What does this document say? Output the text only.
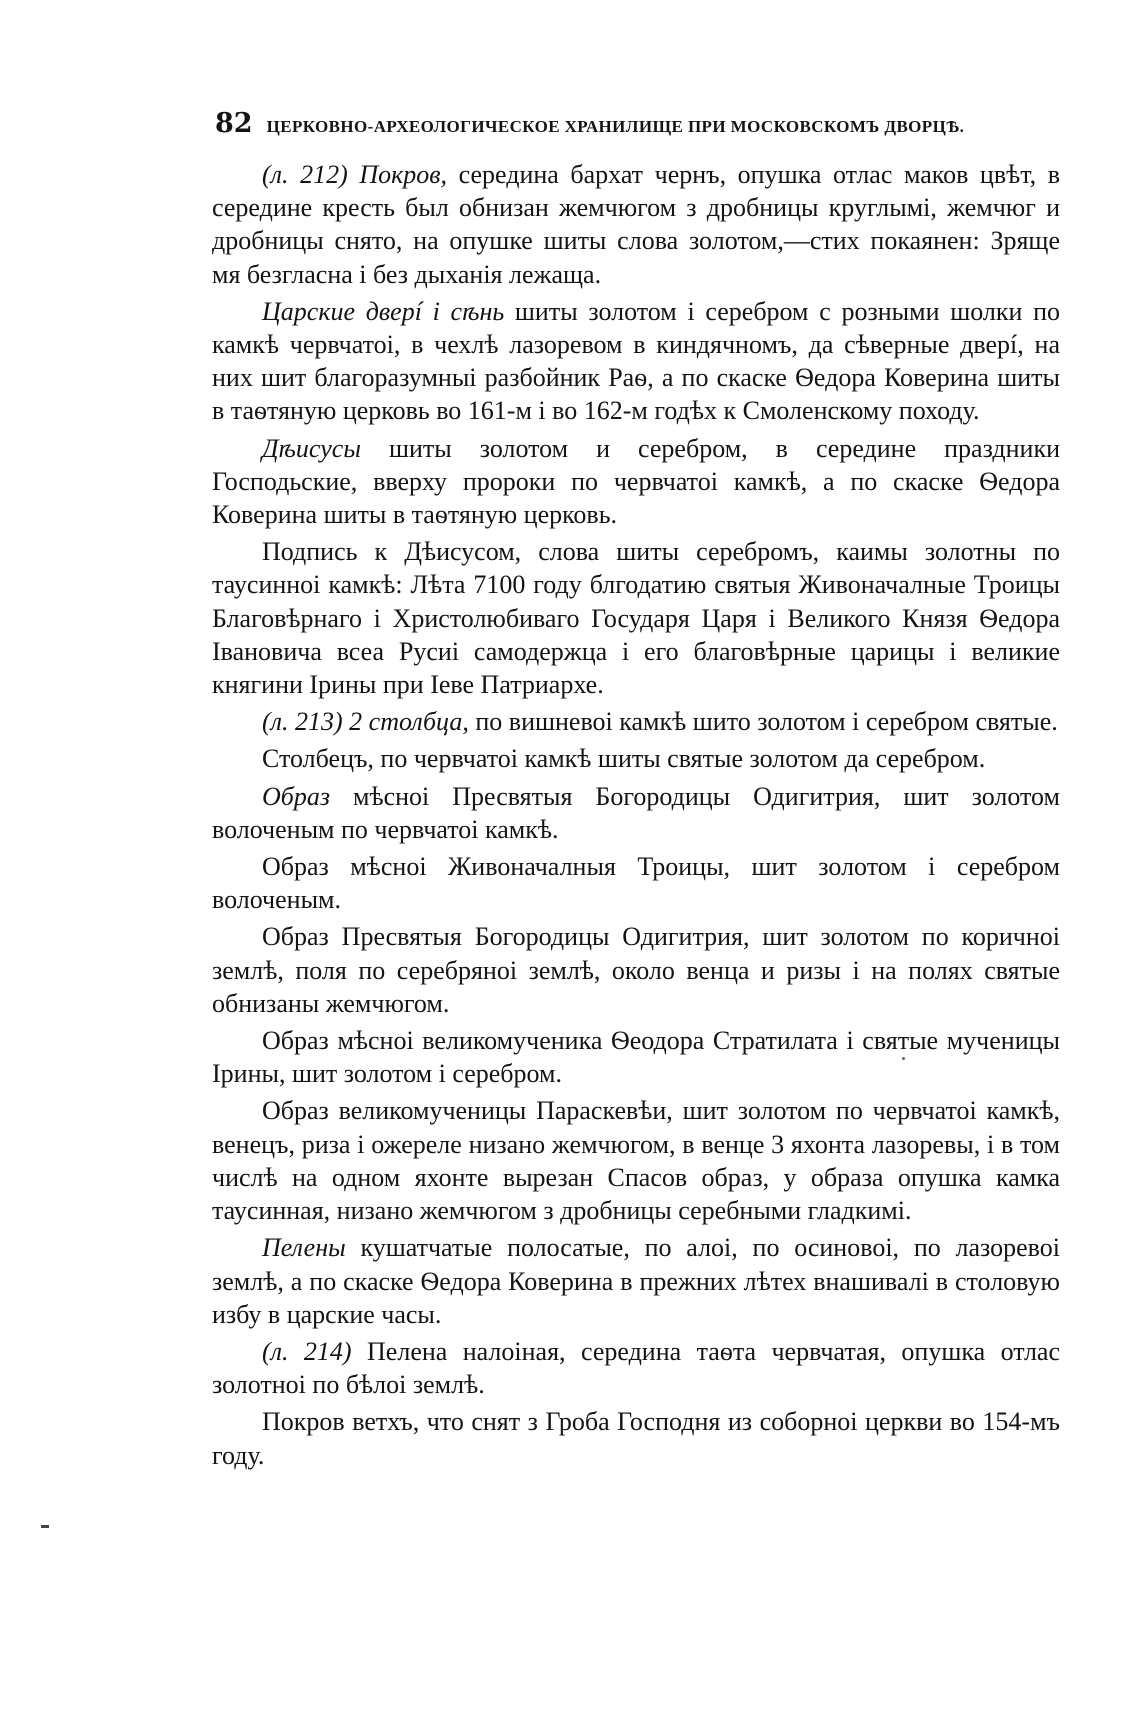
82 ЦЕРКОВНО-АРХЕОЛОГИЧЕСКОЕ ХРАНИЛИЩЕ ПРИ МОСКОВСКОМЪ ДВОРЦѢ.

(л. 212) Покров, середина бархат чернъ, опушка отлас маков цвѣт, в середине кресть был обнизан жемчюгом з дробницы круглымі, жемчюг и дробницы снято, на опушке шиты слова золотом,—стих покаянен: Зряще мя безгласна і без дыханія лежаща.

Царские дверí і сѣнь шиты золотом і серебром с розными шолки по камкѣ червчатоі, в чехлѣ лазоревом в киндячномъ, да сѣверные дверí, на них шит благоразумныі разбойник Раѳ, а по скаске Ѳедора Коверина шиты в таѳтяную церковь во 161-м і во 162-м годѣх к Смоленскому походу.

Дѣисусы шиты золотом и серебром, в середине праздники Господьские, вверху пророки по червчатоі камкѣ, а по скаске Ѳедора Коверина шиты в таѳтяную церковь.

Подпись к Дѣисусом, слова шиты серебромъ, каимы золотны по таусинноі камкѣ: Лѣта 7100 году блгодатию святыя Живоначалные Троицы Благовѣрнаго і Христолюбиваго Государя Царя і Великого Князя Ѳедора Івановича всеа Русиі самодержца і его благовѣрные царицы і великие княгини Ірины при Іеве Патриархе.

(л. 213) 2 столбца, по вишневоі камкѣ шито золотом і серебром святые.

Столбецъ, по червчатоі камкѣ шиты святые золотом да серебром.

Образ мѣсноі Пресвятыя Богородицы Одигитрия, шит золотом волоченым по червчатоі камкѣ.

Образ мѣсноі Живоначалныя Троицы, шит золотом і серебром волоченым.

Образ Пресвятыя Богородицы Одигитрия, шит золотом по коричноі землѣ, поля по серебряноі землѣ, около венца и ризы і на полях святые обнизаны жемчюгом.

Образ мѣсноі великомученика Ѳеодора Стратилата і святые мученицы Ірины, шит золотом і серебром.

Образ великомученицы Параскевѣи, шит золотом по червчатоі камкѣ, венецъ, риза і ожереле низано жемчюгом, в венце 3 яхонта лазоревы, і в том числѣ на одном яхонте вырезан Спасов образ, у образа опушка камка таусинная, низано жемчюгом з дробницы серебными гладкимі.

Пелены кушатчатые полосатые, по алоі, по осиновоі, по лазоревоі землѣ, а по скаске Ѳедора Коверина в прежних лѣтех внашивалі в столовую избу в царские часы.

(л. 214) Пелена налоіная, середина таѳта червчатая, опушка отлас золотноі по бѣлоі землѣ.

Покров ветхъ, что снят з Гроба Господня из соборноі церкви во 154-мъ году.
